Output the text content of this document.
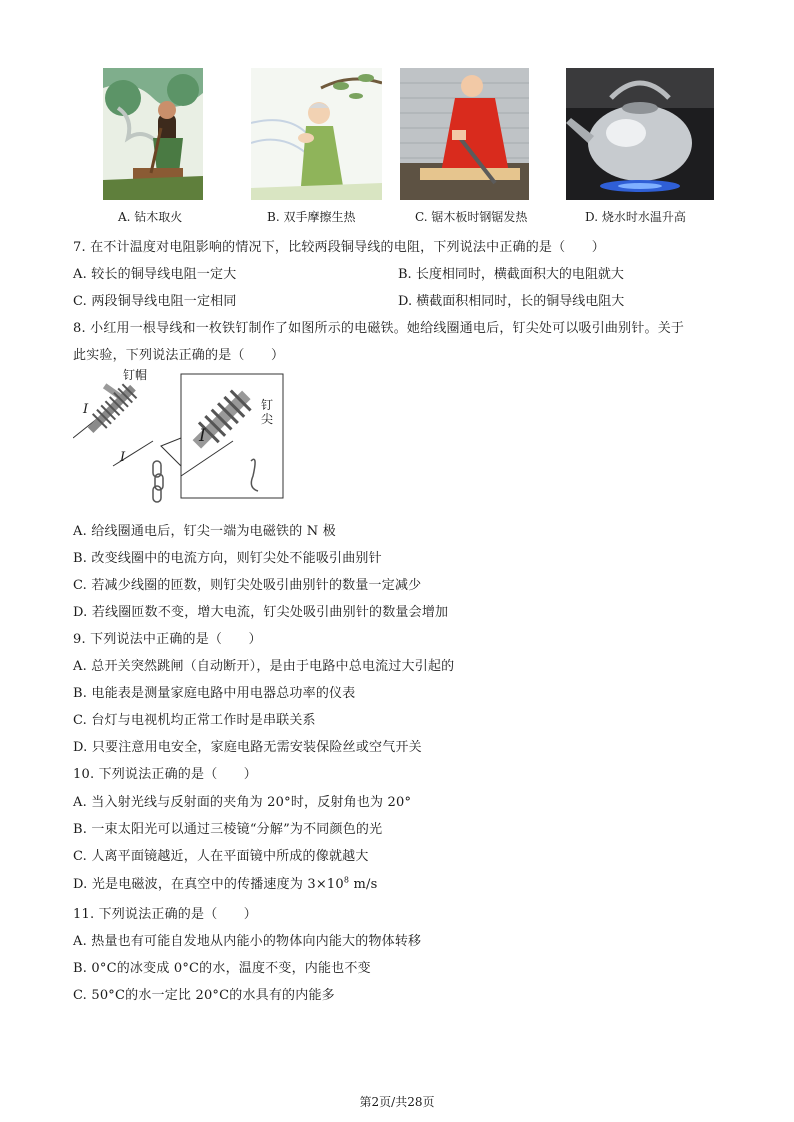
A. 钻木取火	B. 双手摩擦生热	C. 锯木板时钢锯发热	D. 烧水时水温升高
7. 在不计温度对电阻影响的情况下，比较两段铜导线的电阻，下列说法中正确的是（　　）
A. 较长的铜导线电阻一定大	B. 长度相同时，横截面积大的电阻就大
C. 两段铜导线电阻一定相同	D. 横截面积相同时，长的铜导线电阻大
8. 小红用一根导线和一枚铁钉制作了如图所示的电磁铁。她给线圈通电后，钉尖处可以吸引曲别针。关于
此实验，下列说法正确的是（　　）
钉帽
钉尖
I
I
I
A. 给线圈通电后，钉尖一端为电磁铁的 N 极
B. 改变线圈中的电流方向，则钉尖处不能吸引曲别针
C. 若减少线圈的匝数，则钉尖处吸引曲别针的数量一定减少
D. 若线圈匝数不变，增大电流，钉尖处吸引曲别针的数量会增加
9. 下列说法中正确的是（　　）
A. 总开关突然跳闸（自动断开），是由于电路中总电流过大引起的
B. 电能表是测量家庭电路中用电器总功率的仪表
C. 台灯与电视机均正常工作时是串联关系
D. 只要注意用电安全，家庭电路无需安装保险丝或空气开关
10. 下列说法正确的是（　　）
A. 当入射光线与反射面的夹角为 20°时，反射角也为 20°
B. 一束太阳光可以通过三棱镜“分解”为不同颜色的光
C. 人离平面镜越近，人在平面镜中所成的像就越大
D. 光是电磁波，在真空中的传播速度为 $3\times 10^8$ m/s
11. 下列说法正确的是（　　）
A. 热量也有可能自发地从内能小的物体向内能大的物体转移
B. 0°C的冰变成 0°C的水，温度不变，内能也不变
C. 50°C的水一定比 20°C的水具有的内能多
第2页/共28页
